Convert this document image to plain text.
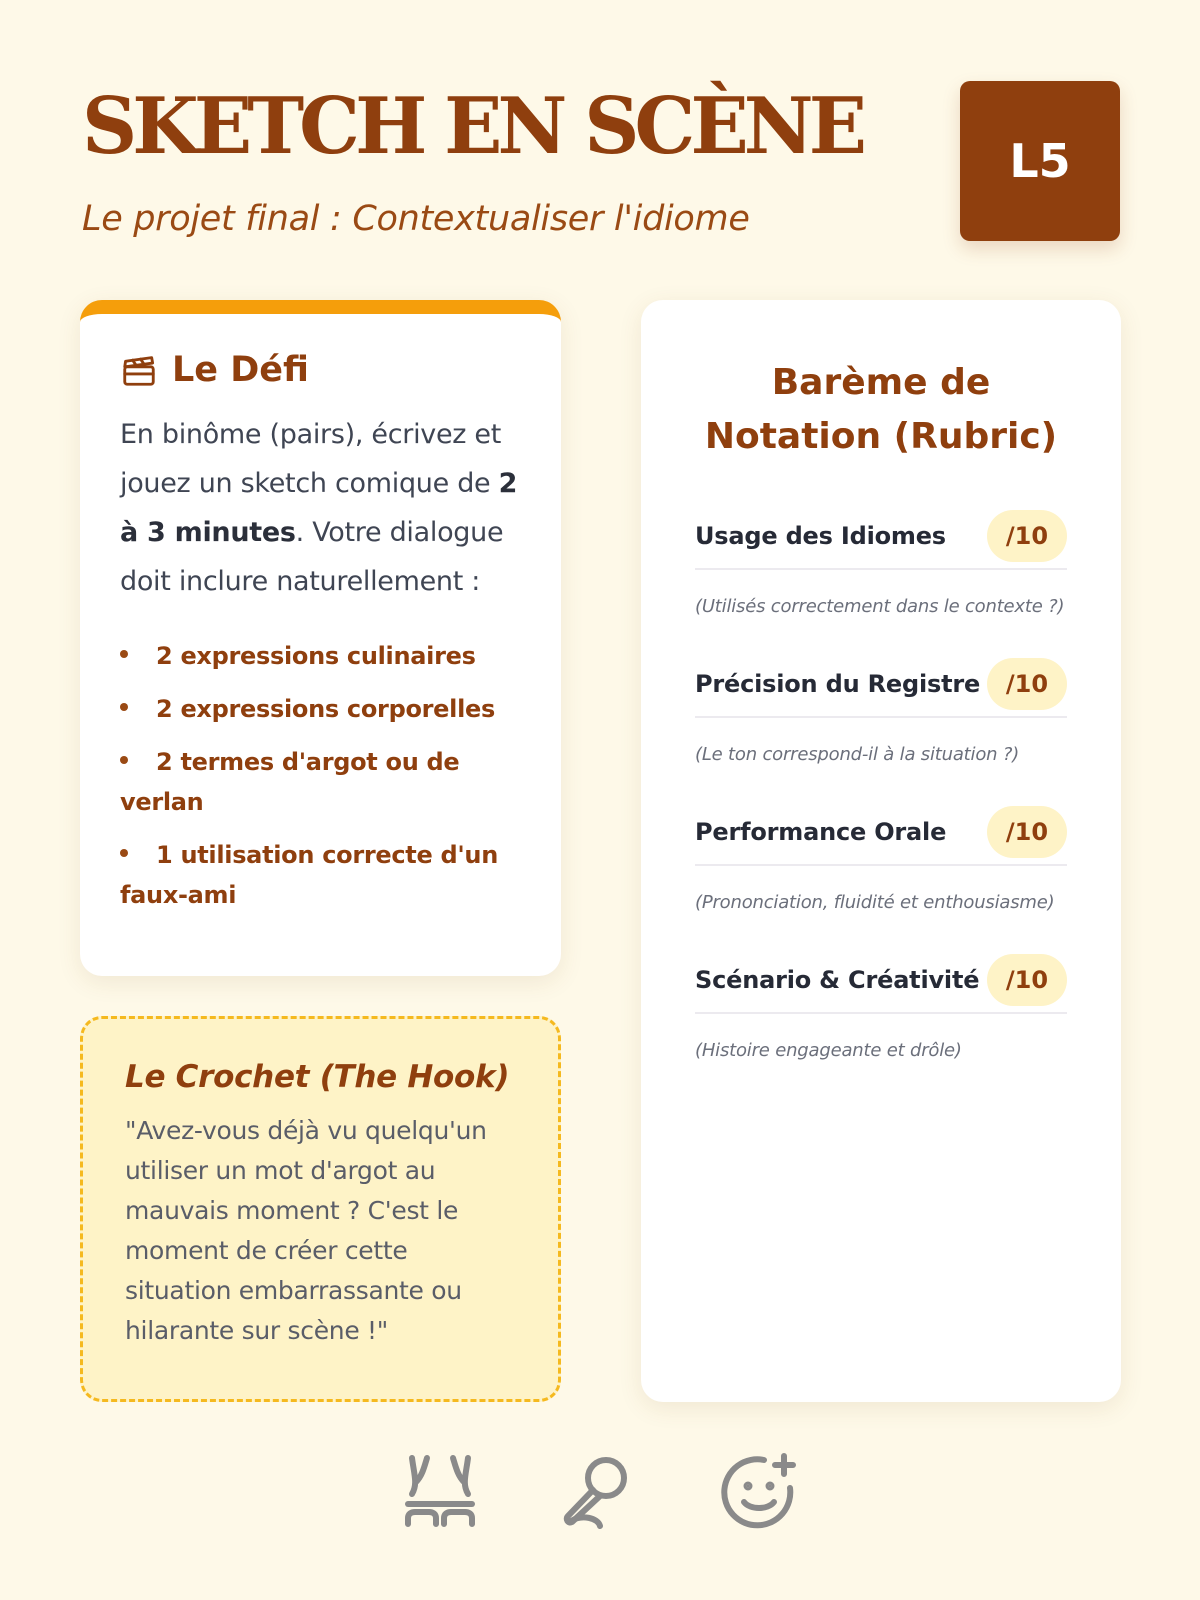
SKETCH EN SCÈNE
Le projet final : Contextualiser l'idiome
L5
Le Défi

En binôme (pairs), écrivez et jouez un sketch comique de 2 à 3 minutes. Votre dialogue doit inclure naturellement :

2 expressions culinaires
2 expressions corporelles
2 termes d'argot ou de verlan
1 utilisation correcte d'un faux-ami
Le Crochet (The Hook)

"Avez-vous déjà vu quelqu'un utiliser un mot d'argot au mauvais moment ? C'est le moment de créer cette situation embarrassante ou hilarante sur scène !"

Barème de Notation (Rubric)
Usage des Idiomes	/10
(Utilisés correctement dans le contexte ?)
Précision du Registre	/10
(Le ton correspond-il à la situation ?)
Performance Orale	/10
(Prononciation, fluidité et enthousiasme)
Scénario & Créativité	/10
(Histoire engageante et drôle)
